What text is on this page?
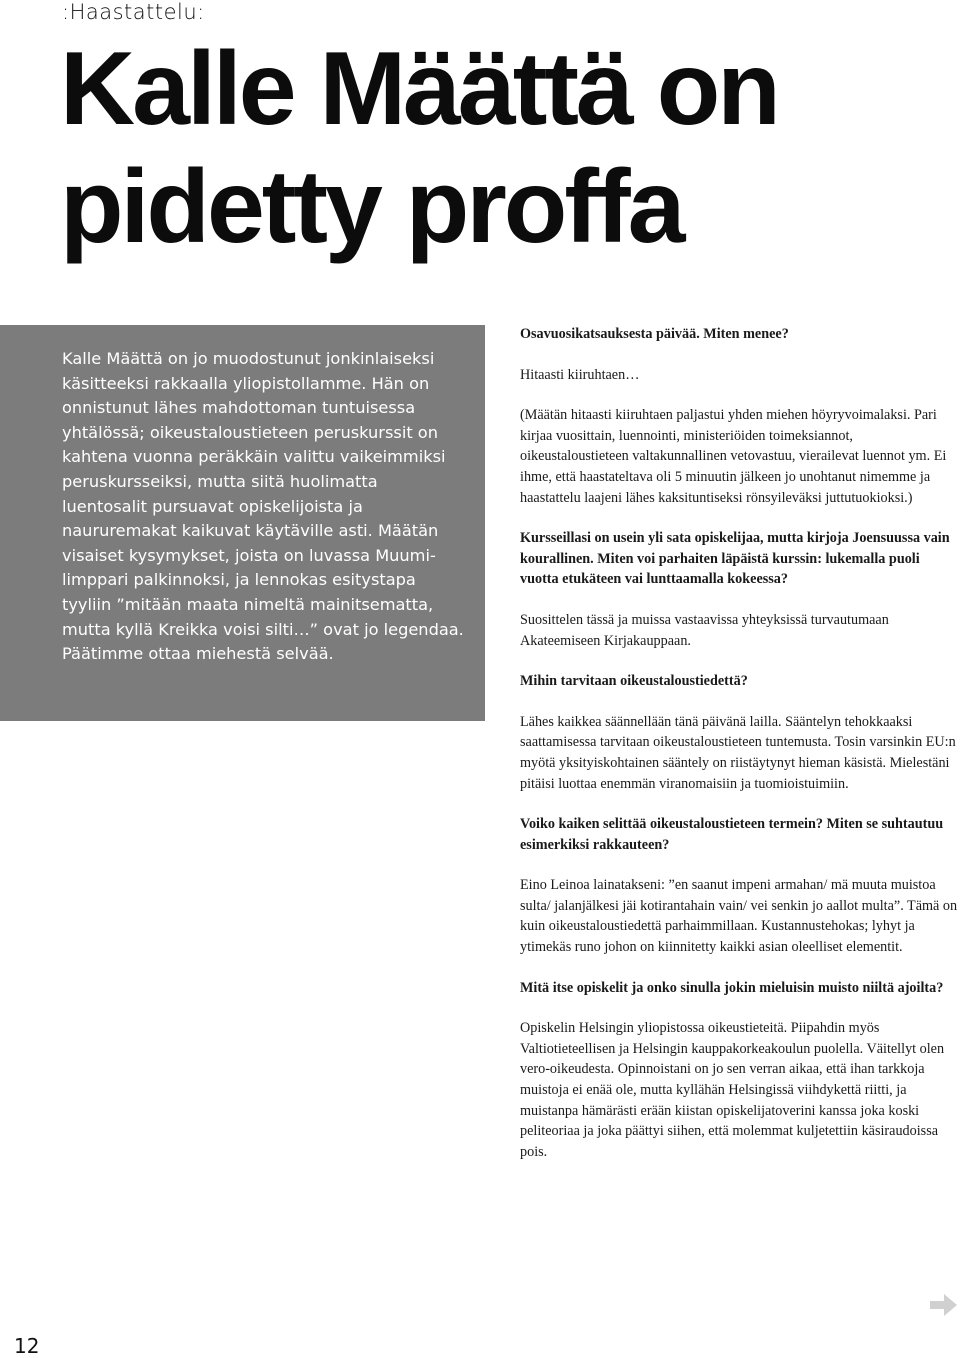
:Haastattelu:
Kalle Määttä on
pidetty proffa

Kalle Määttä on jo muodostunut jonkinlaiseksi käsitteeksi rakkaalla yliopistollamme. Hän on onnistunut lähes mahdottoman tuntuisessa yhtälössä; oikeustaloustieteen peruskurssit on kahtena vuonna peräkkäin valittu vaikeimmiksi peruskursseiksi, mutta siitä huolimatta luentosalit pursuavat opiskelijoista ja naururemakat kaikuvat käytäville asti. Määtän visaiset kysymykset, joista on luvassa Muumi-limppari palkinnoksi, ja lennokas esitystapa tyyliin ”mitään maata nimeltä mainitsematta, mutta kyllä Kreikka voisi silti…” ovat jo legendaa. Päätimme ottaa miehestä selvää.

Osavuosikatsauksesta päivää. Miten menee?

Hitaasti kiiruhtaen…

(Määtän hitaasti kiiruhtaen paljastui yhden miehen höyryvoimalaksi. Pari kirjaa vuosittain, luennointi, ministeriöiden toimeksiannot, oikeustaloustieteen valtakunnallinen vetovastuu, vierailevat luennot ym. Ei ihme, että haastateltava oli 5 minuutin jälkeen jo unohtanut nimemme ja haastattelu laajeni lähes kaksituntiseksi rönsyileväksi juttutuokioksi.)

Kursseillasi on usein yli sata opiskelijaa, mutta kirjoja Joensuussa vain kourallinen. Miten voi parhaiten läpäistä kurssin: lukemalla puoli vuotta etukäteen vai lunttaamalla kokeessa?

Suosittelen tässä ja muissa vastaavissa yhteyksissä turvautumaan Akateemiseen Kirjakauppaan.

Mihin tarvitaan oikeustaloustiedettä?

Lähes kaikkea säännellään tänä päivänä lailla. Sääntelyn tehokkaaksi saattamisessa tarvitaan oikeustaloustieteen tuntemusta. Tosin varsinkin EU:n myötä yksityiskohtainen sääntely on riistäytynyt hieman käsistä. Mielestäni pitäisi luottaa enemmän viranomaisiin ja tuomioistuimiin.

Voiko kaiken selittää oikeustaloustieteen termein? Miten se suhtautuu esimerkiksi rakkauteen?

Eino Leinoa lainatakseni: ”en saanut impeni armahan/ mä muuta muistoa sulta/ jalanjälkesi jäi kotirantahain vain/ vei senkin jo aallot multa”. Tämä on kuin oikeustaloustiedettä parhaimmillaan. Kustannustehokas; lyhyt ja ytimekäs runo johon on kiinnitetty kaikki asian oleelliset elementit.

Mitä itse opiskelit ja onko sinulla jokin mieluisin muisto niiltä ajoilta?

Opiskelin Helsingin yliopistossa oikeustieteitä. Piipahdin myös Valtiotieteellisen ja Helsingin kauppakorkeakoulun puolella. Väitellyt olen vero-oikeudesta. Opinnoistani on jo sen verran aikaa, että ihan tarkkoja muistoja ei enää ole, mutta kyllähän Helsingissä viihdykettä riitti, ja muistanpa hämärästi erään kiistan opiskelijatoverini kanssa joka koski peliteoriaa ja joka päättyi siihen, että molemmat kuljetettiin käsiraudoissa pois.

12
